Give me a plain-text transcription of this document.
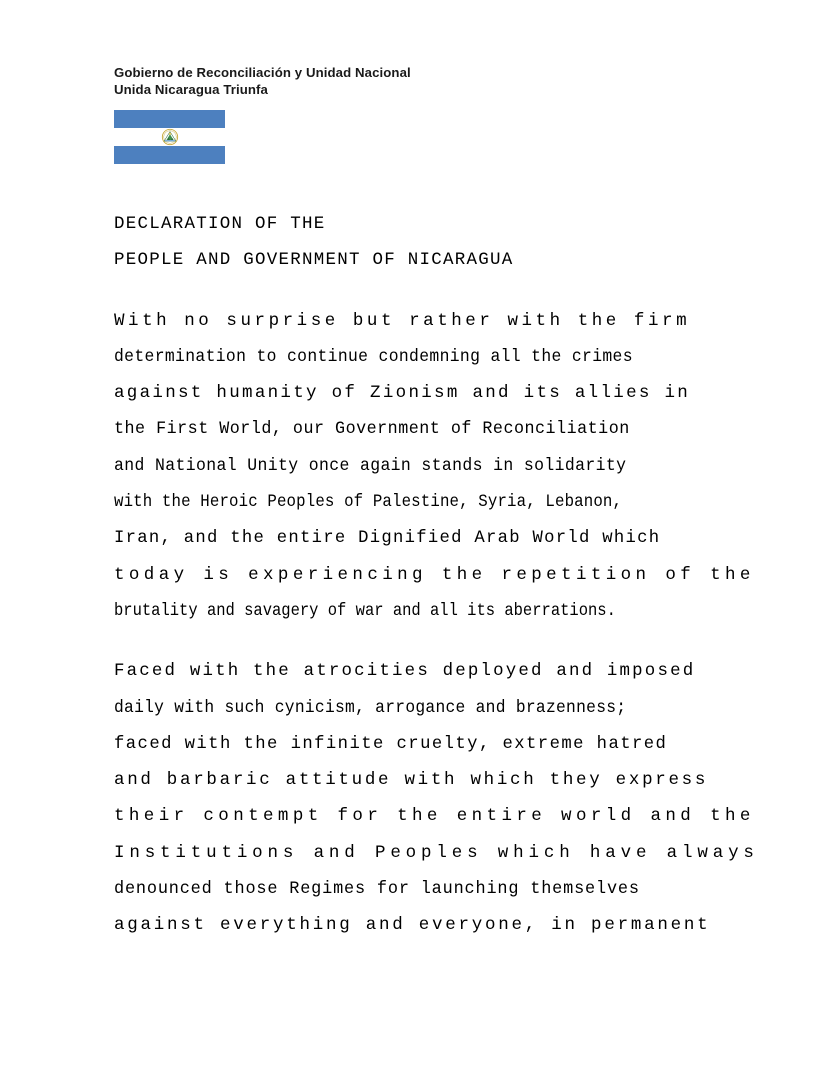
Gobierno de Reconciliación y Unidad Nacional
Unida Nicaragua Triunfa
DECLARATION OF THE
PEOPLE AND GOVERNMENT OF NICARAGUA
With no surprise but rather with the firm
determination to continue condemning all the crimes
against humanity of Zionism and its allies in
the First World, our Government of Reconciliation
and National Unity once again stands in solidarity
with the Heroic Peoples of Palestine, Syria, Lebanon,
Iran, and the entire Dignified Arab World which
today is experiencing the repetition of the
brutality and savagery of war and all its aberrations.
Faced with the atrocities deployed and imposed
daily with such cynicism, arrogance and brazenness;
faced with the infinite cruelty, extreme hatred
and barbaric attitude with which they express
their contempt for the entire world and the
Institutions and Peoples which have always
denounced those Regimes for launching themselves
against everything and everyone, in permanent
